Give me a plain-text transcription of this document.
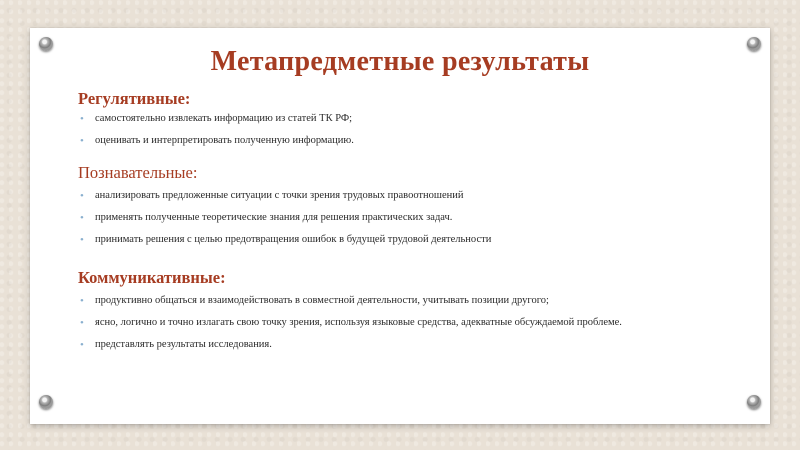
Метапредметные результаты

Регулятивные:

• самостоятельно извлекать информацию из статей ТК РФ;
• оценивать и интерпретировать полученную информацию.

Познавательные:

• анализировать предложенные ситуации с точки зрения трудовых правоотношений
• применять полученные теоретические знания для решения практических задач.
• принимать решения с целью предотвращения ошибок в будущей трудовой деятельности

Коммуникативные:

• продуктивно общаться и взаимодействовать в совместной деятельности, учитывать позиции другого;
• ясно, логично и точно излагать свою точку зрения, используя языковые средства, адекватные обсуждаемой проблеме.
• представлять результаты исследования.
